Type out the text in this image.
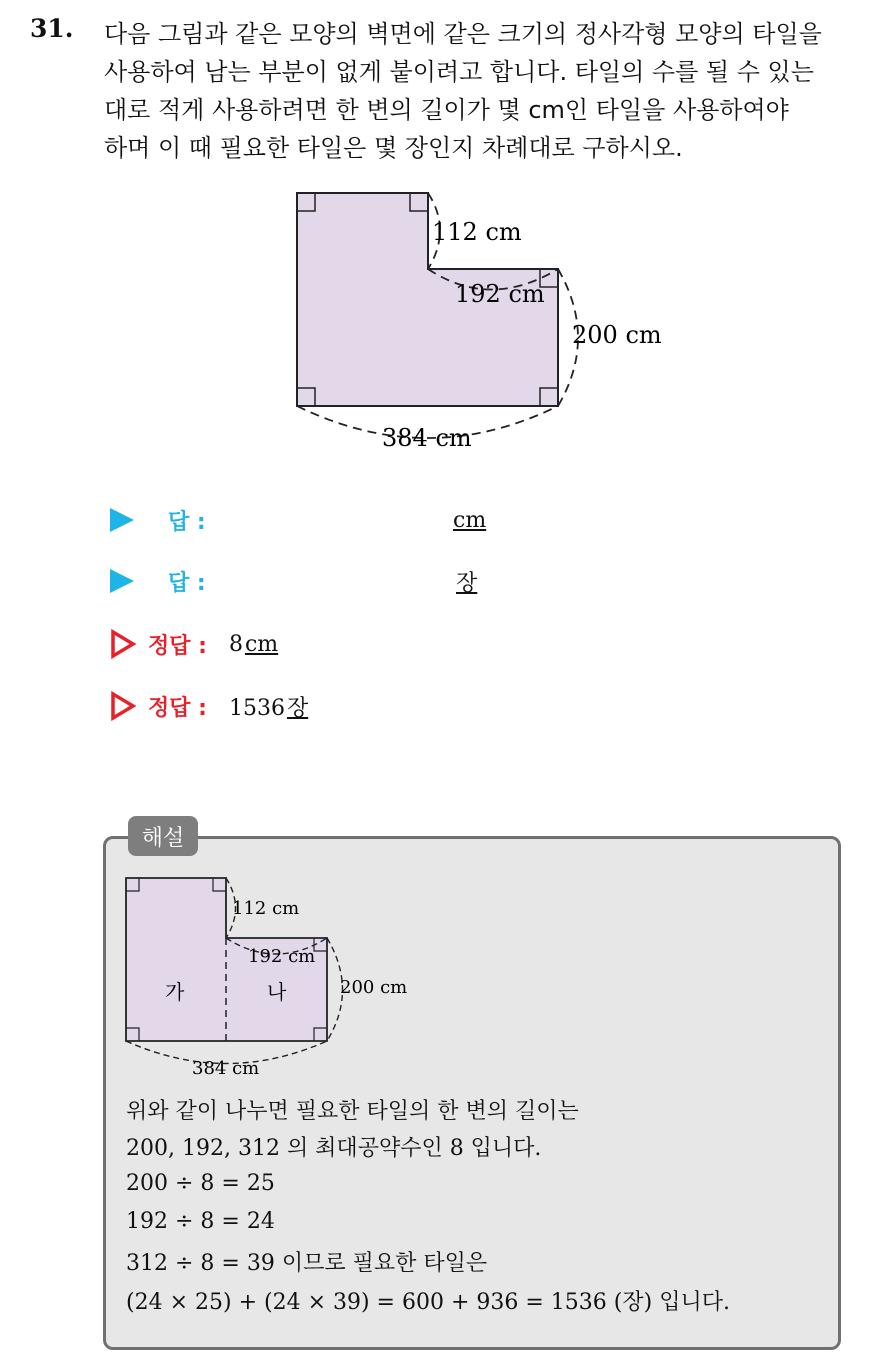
31. 다음 그림과 같은 모양의 벽면에 같은 크기의 정사각형 모양의 타일을
사용하여 남는 부분이 없게 붙이려고 합니다. 타일의 수를 될 수 있는
대로 적게 사용하려면 한 변의 길이가 몇 cm인 타일을 사용하여야
하며 이 때 필요한 타일은 몇 장인지 차례대로 구하시오.
112 cm
192 cm
200 cm
384 cm
답 :	cm
답 :	장
정답 : 8cm
정답 : 1536장
해설
112 cm
192 cm
200 cm
384 cm
가	나
위와 같이 나누면 필요한 타일의 한 변의 길이는
200, 192, 312 의 최대공약수인 8 입니다.
200 ÷ 8 = 25
192 ÷ 8 = 24
312 ÷ 8 = 39 이므로 필요한 타일은
(24 × 25) + (24 × 39) = 600 + 936 = 1536 (장) 입니다.
